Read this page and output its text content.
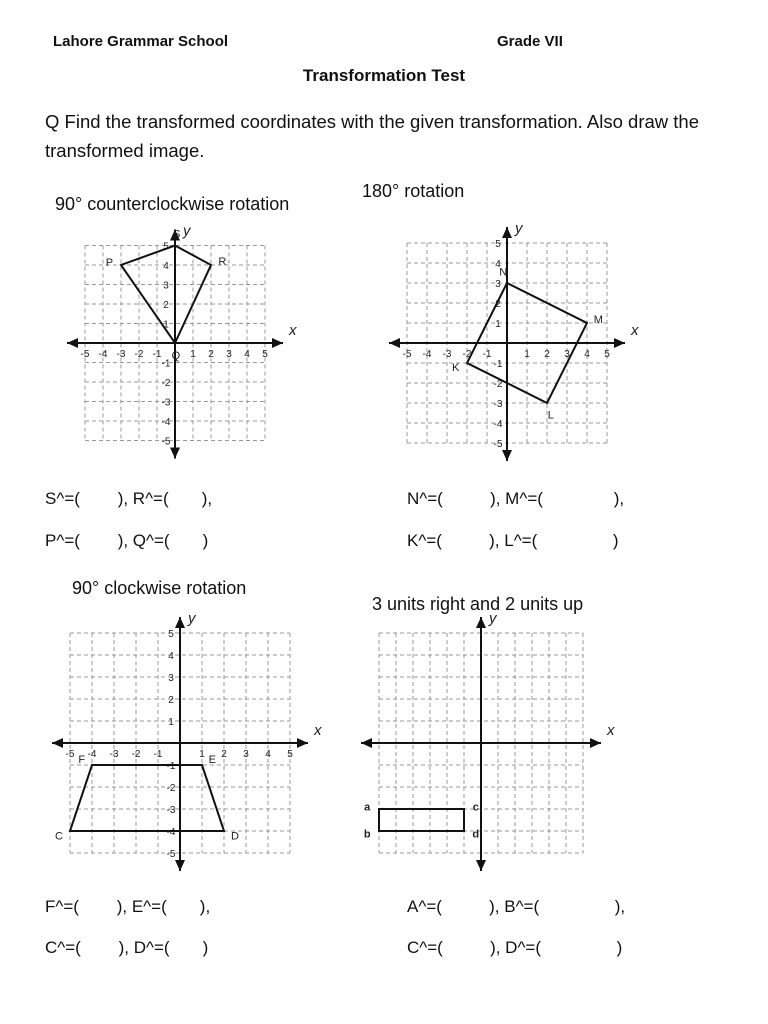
Lahore Grammar School	Grade VII
Transformation Test
Q Find the transformed coordinates with the given transformation. Also draw the transformed image.
90° counterclockwise rotation
x
y
-5
-5
-4
-4
-3
-3
-2
-2
-1
-1
1
1
2
2
3
3
4
4
5
5
S
R
Q
P
S^=(        ), R^=(       ),
P^=(        ), Q^=(       )
180° rotation
x
y
-5
-5
-4
-4
-3
-3
-2
-2
-1
-1
1
1
2
2
3
3
4
4
5
5
N
M
L
K
N^=(          ), M^=(               ),
K^=(          ), L^=(                )
90° clockwise rotation
x
y
-5
-5
-4
-4
-3
-3
-2
-2
-1
-1
1
1
2
2
3
3
4
4
5
5
F	E
D
C
F^=(        ), E^=(       ),
C^=(        ), D^=(       )
3 units right and 2 units up
x
y
a	c
d
b
A^=(          ), B^=(                ),
C^=(          ), D^=(                )
